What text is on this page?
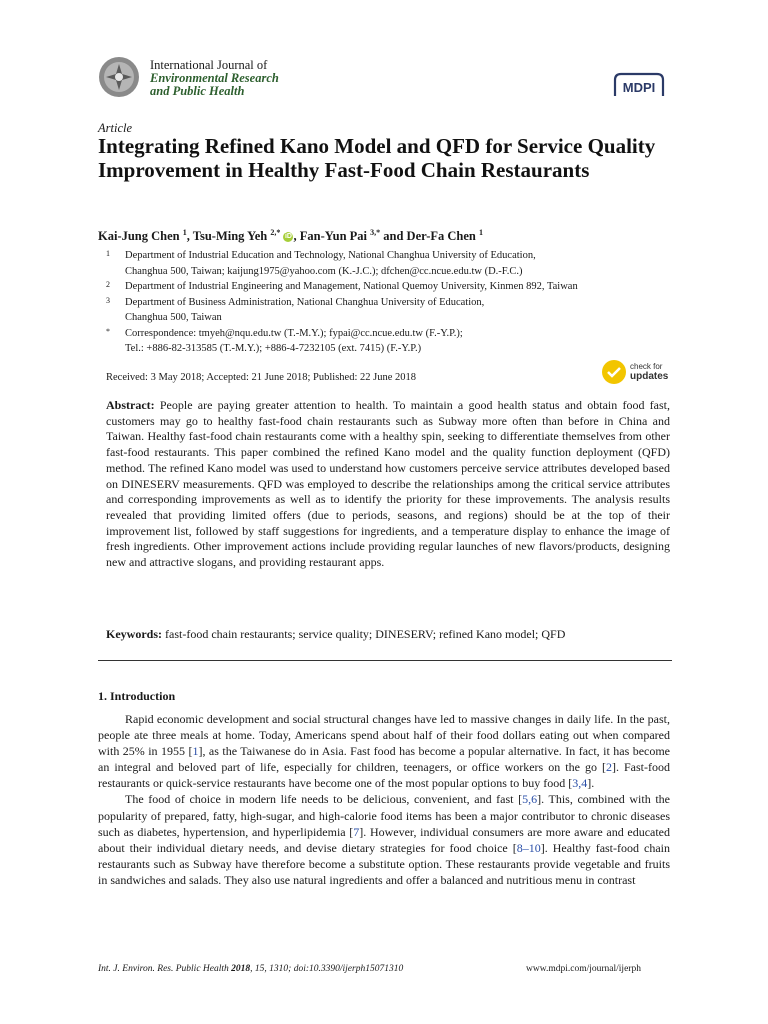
International Journal of
Environmental Research
and Public Health	MDPI
Article
Integrating Refined Kano Model and QFD for Service Quality Improvement in Healthy Fast-Food Chain Restaurants
Kai-Jung Chen $^1$, Tsu-Ming Yeh $^{2,*}$ iD , Fan-Yun Pai $^{3,*}$ and Der-Fa Chen $^1$
1	Department of Industrial Education and Technology, National Changhua University of Education,
Changhua 500, Taiwan; kaijung1975@yahoo.com (K.-J.C.); dfchen@cc.ncue.edu.tw (D.-F.C.)
2	Department of Industrial Engineering and Management, National Quemoy University, Kinmen 892, Taiwan
3	Department of Business Administration, National Changhua University of Education,
Changhua 500, Taiwan
*	Correspondence: tmyeh@nqu.edu.tw (T.-M.Y.); fypai@cc.ncue.edu.tw (F.-Y.P.);
Tel.: +886-82-313585 (T.-M.Y.); +886-4-7232105 (ext. 7415) (F.-Y.P.)
Received: 3 May 2018; Accepted: 21 June 2018; Published: 22 June 2018
check for
updates
Abstract: People are paying greater attention to health. To maintain a good health status and obtain food fast, customers may go to healthy fast-food chain restaurants such as Subway more often than before in China and Taiwan. Healthy fast-food chain restaurants come with a healthy spin, seeking to differentiate themselves from other fast-food restaurants. This paper combined the refined Kano model and the quality function deployment (QFD) method. The refined Kano model was used to understand how customers perceive service attributes developed based on DINESERV measurements. QFD was employed to describe the relationships among the critical service attributes and corresponding improvements as well as to identify the priority for these improvements. The analysis results revealed that providing limited offers (due to periods, seasons, and regions) should be at the top of their improvement list, followed by staff suggestions for ingredients, and a temperature display to enhance the image of fresh ingredients. Other improvement actions include providing regular launches of new flavors/products, designing new and attractive slogans, and providing restaurant apps.
Keywords: fast-food chain restaurants; service quality; DINESERV; refined Kano model; QFD
1. Introduction

Rapid economic development and social structural changes have led to massive changes in daily life. In the past, people ate three meals at home. Today, Americans spend about half of their food dollars eating out when compared with 25% in 1955 [1], as the Taiwanese do in Asia. Fast food has become a popular alternative. In fact, it has become an integral and beloved part of life, especially for children, teenagers, or office workers on the go [2]. Fast-food restaurants or quick-service restaurants have become one of the most popular options to buy food [3,4].

The food of choice in modern life needs to be delicious, convenient, and fast [5,6]. This, combined with the popularity of prepared, fatty, high-sugar, and high-calorie food items has been a major contributor to chronic diseases such as diabetes, hypertension, and hyperlipidemia [7]. However, individual consumers are more aware and educated about their individual dietary needs, and devise dietary strategies for food choice [8–10]. Healthy fast-food chain restaurants such as Subway have therefore become a substitute option. These restaurants provide vegetable and fruits in sandwiches and salads. They also use natural ingredients and offer a balanced and nutritious menu in contrast

Int. J. Environ. Res. Public Health 2018, 15, 1310; doi:10.3390/ijerph15071310	www.mdpi.com/journal/ijerph
